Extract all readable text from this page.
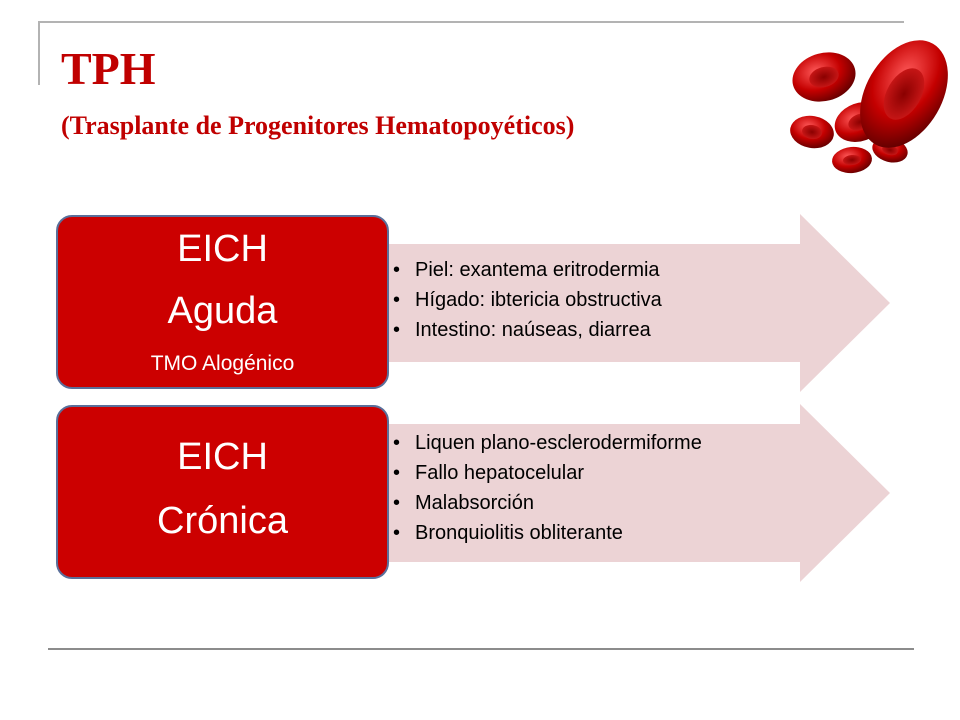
TPH
(Trasplante de Progenitores Hematopoyéticos)
• Piel: exantema eritrodermia
• Hígado: ibtericia obstructiva
• Intestino: naúseas, diarrea
EICH
Aguda
TMO Alogénico
• Liquen plano-esclerodermiforme
• Fallo hepatocelular
• Malabsorción
• Bronquiolitis obliterante
EICH
Crónica
